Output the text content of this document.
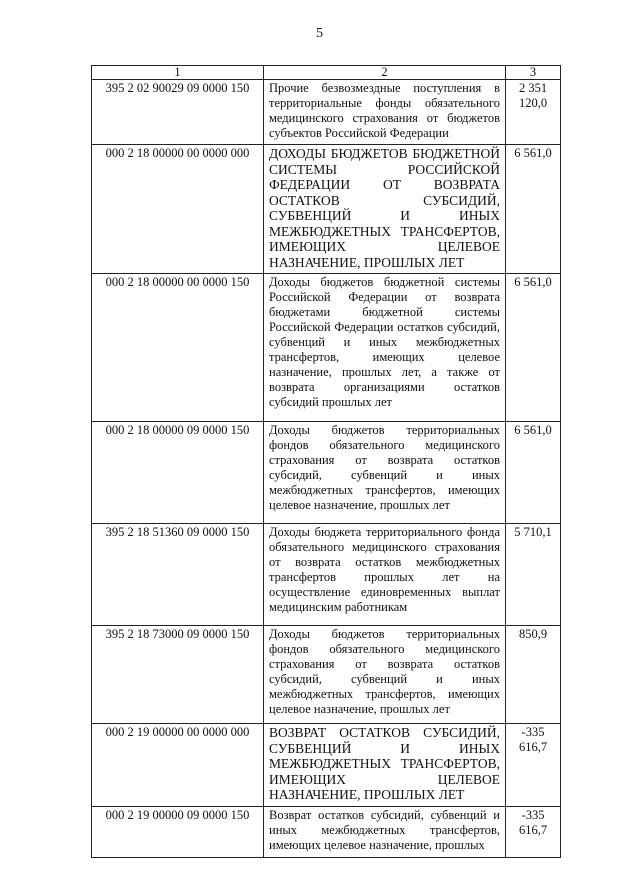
5
1	2	3
395 2 02 90029 09 0000 150	Прочие безвозмездные поступления в территориальные фонды обязательного медицинского страхования от бюджетов субъектов Российской Федерации	2 351 120,0
000 2 18 00000 00 0000 000	ДОХОДЫ БЮДЖЕТОВ БЮДЖЕТНОЙ СИСТЕМЫ РОССИЙСКОЙ ФЕДЕРАЦИИ ОТ ВОЗВРАТА ОСТАТКОВ СУБСИДИЙ, СУБВЕНЦИЙ И ИНЫХ МЕЖБЮДЖЕТНЫХ ТРАНСФЕРТОВ, ИМЕЮЩИХ ЦЕЛЕВОЕ НАЗНАЧЕНИЕ, ПРОШЛЫХ ЛЕТ	6 561,0
000 2 18 00000 00 0000 150	Доходы бюджетов бюджетной системы Российской Федерации от возврата бюджетами бюджетной системы Российской Федерации остатков субсидий, субвенций и иных межбюджетных трансфертов, имеющих целевое назначение, прошлых лет, а также от возврата организациями остатков субсидий прошлых лет	6 561,0
000 2 18 00000 09 0000 150	Доходы бюджетов территориальных фондов обязательного медицинского страхования от возврата остатков субсидий, субвенций и иных межбюджетных трансфертов, имеющих целевое назначение, прошлых лет	6 561,0
395 2 18 51360 09 0000 150	Доходы бюджета территориального фонда обязательного медицинского страхования от возврата остатков межбюджетных трансфертов прошлых лет на осуществление единовременных выплат медицинским работникам	5 710,1
395 2 18 73000 09 0000 150	Доходы бюджетов территориальных фондов обязательного медицинского страхования от возврата остатков субсидий, субвенций и иных межбюджетных трансфертов, имеющих целевое назначение, прошлых лет	850,9
000 2 19 00000 00 0000 000	ВОЗВРАТ ОСТАТКОВ СУБСИДИЙ, СУБВЕНЦИЙ И ИНЫХ МЕЖБЮДЖЕТНЫХ ТРАНСФЕРТОВ, ИМЕЮЩИХ ЦЕЛЕВОЕ НАЗНАЧЕНИЕ, ПРОШЛЫХ ЛЕТ	-335 616,7
000 2 19 00000 09 0000 150	Возврат остатков субсидий, субвенций и иных межбюджетных трансфертов, имеющих целевое назначение, прошлых	-335 616,7
